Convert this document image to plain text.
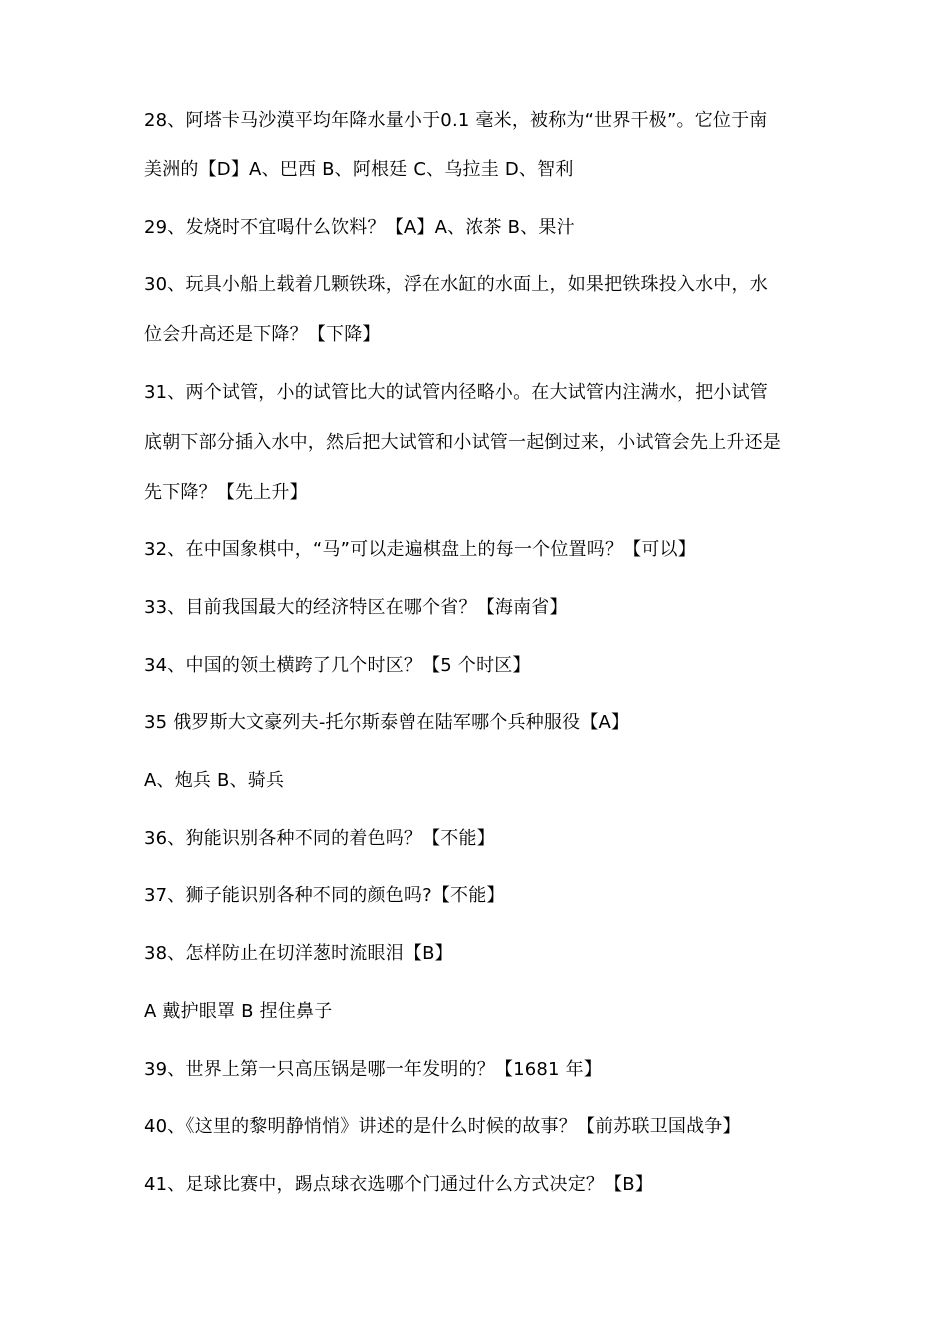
28、阿塔卡马沙漠平均年降水量小于0.1 毫米，被称为“世界干极”。它位于南
美洲的【D】A、巴西 B、阿根廷 C、乌拉圭 D、智利
29、发烧时不宜喝什么饮料？【A】A、浓茶 B、果汁
30、玩具小船上载着几颗铁珠，浮在水缸的水面上，如果把铁珠投入水中，水
位会升高还是下降？【下降】
31、两个试管，小的试管比大的试管内径略小。在大试管内注满水，把小试管
底朝下部分插入水中，然后把大试管和小试管一起倒过来，小试管会先上升还是
先下降？【先上升】
32、在中国象棋中，“马”可以走遍棋盘上的每一个位置吗？【可以】
33、目前我国最大的经济特区在哪个省？【海南省】
34、中国的领土横跨了几个时区？【5 个时区】
35 俄罗斯大文豪列夫-托尔斯泰曾在陆军哪个兵种服役【A】
A、炮兵 B、骑兵
36、狗能识别各种不同的着色吗？【不能】
37、狮子能识别各种不同的颜色吗?【不能】
38、怎样防止在切洋葱时流眼泪【B】
A 戴护眼罩 B 捏住鼻子
39、世界上第一只高压锅是哪一年发明的？【1681 年】
40、《这里的黎明静悄悄》讲述的是什么时候的故事？【前苏联卫国战争】
41、足球比赛中，踢点球衣选哪个门通过什么方式决定？【B】
